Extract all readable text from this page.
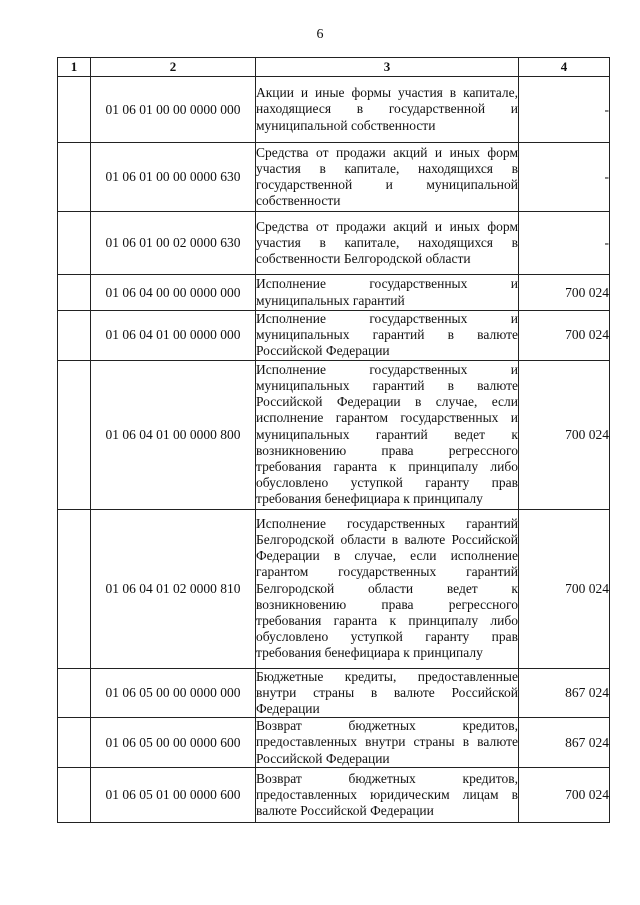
6
1	2	3	4
	01 06 01 00 00 0000 000	Акции и иные формы участия в капитале, находящиеся в государственной и муниципальной собственности	-
	01 06 01 00 00 0000 630	Средства от продажи акций и иных форм участия в капитале, находящихся в государственной и муниципальной собственности	-
	01 06 01 00 02 0000 630	Средства от продажи акций и иных форм участия в капитале, находящихся в собственности Белгородской области	-
	01 06 04 00 00 0000 000	Исполнение государственных и муниципальных гарантий	700 024
	01 06 04 01 00 0000 000	Исполнение государственных и муниципальных гарантий в валюте Российской Федерации	700 024
	01 06 04 01 00 0000 800	Исполнение государственных и муниципальных гарантий в валюте Российской Федерации в случае, если исполнение гарантом государственных и муниципальных гарантий ведет к возникновению права регрессного требования гаранта к принципалу либо обусловлено уступкой гаранту прав требования бенефициара к принципалу	700 024
	01 06 04 01 02 0000 810	Исполнение государственных гарантий Белгородской области в валюте Российской Федерации в случае, если исполнение гарантом государственных гарантий Белгородской области ведет к возникновению права регрессного требования гаранта к принципалу либо обусловлено уступкой гаранту прав требования бенефициара к принципалу	700 024
	01 06 05 00 00 0000 000	Бюджетные кредиты, предоставленные внутри страны в валюте Российской Федерации	867 024
	01 06 05 00 00 0000 600	Возврат бюджетных кредитов, предоставленных внутри страны в валюте Российской Федерации	867 024
	01 06 05 01 00 0000 600	Возврат бюджетных кредитов, предоставленных юридическим лицам в валюте Российской Федерации	700 024
